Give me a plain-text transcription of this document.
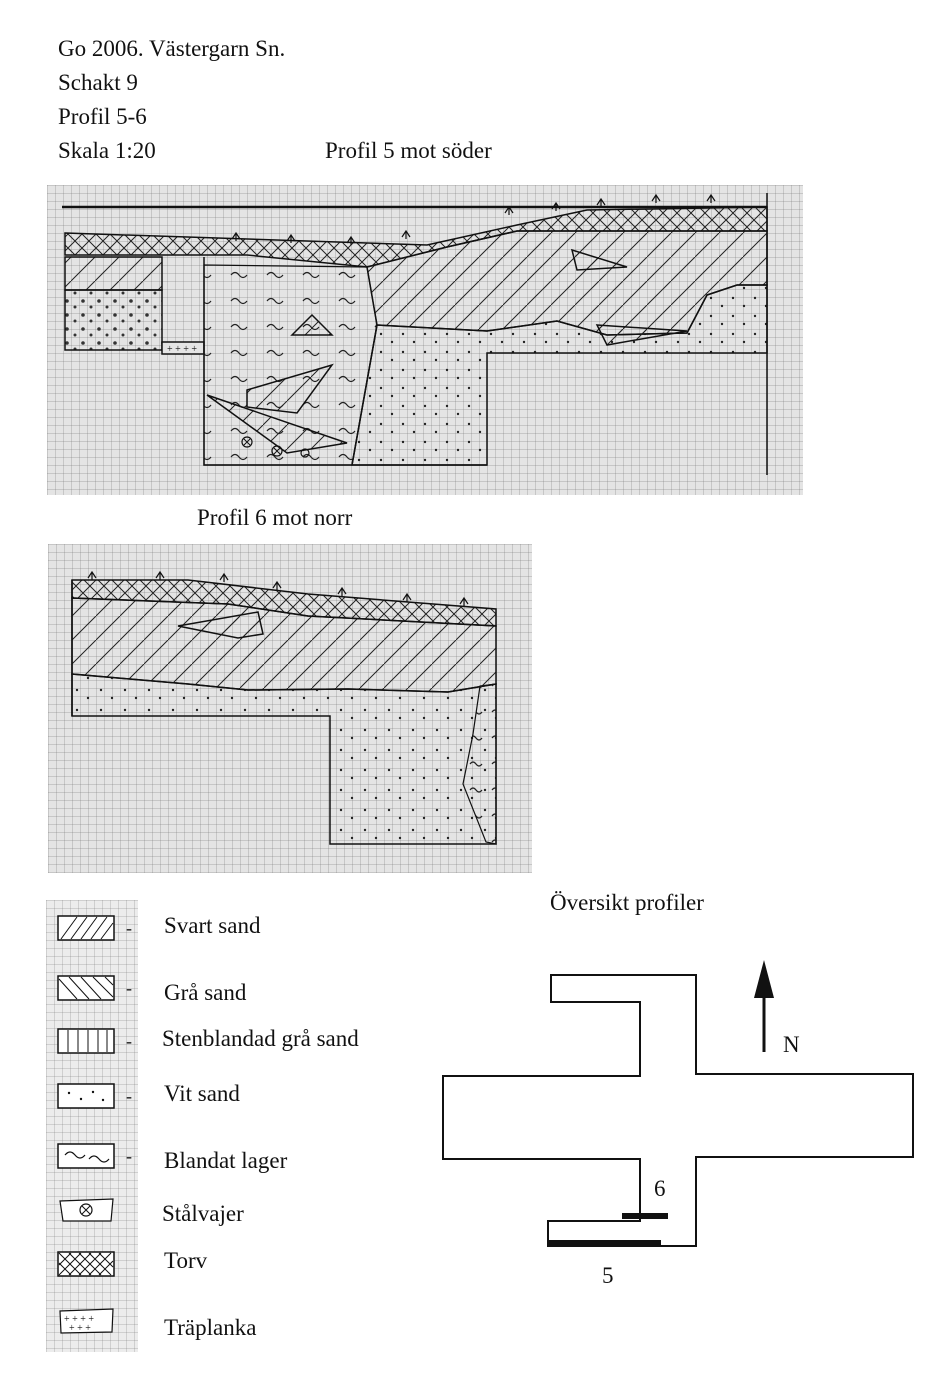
Go 2006. Västergarn Sn.
Schakt 9
Profil 5-6
Skala 1:20	Profil 5 mot söder
+ + + +
Profil 6 mot norr
- Svart sand
- Grå sand
- Stenblandad grå sand
- Vit sand
- Blandat lager
Stålvajer
Torv
+ + + +
+ + +	Träplanka
Översikt profiler
N
6
5
